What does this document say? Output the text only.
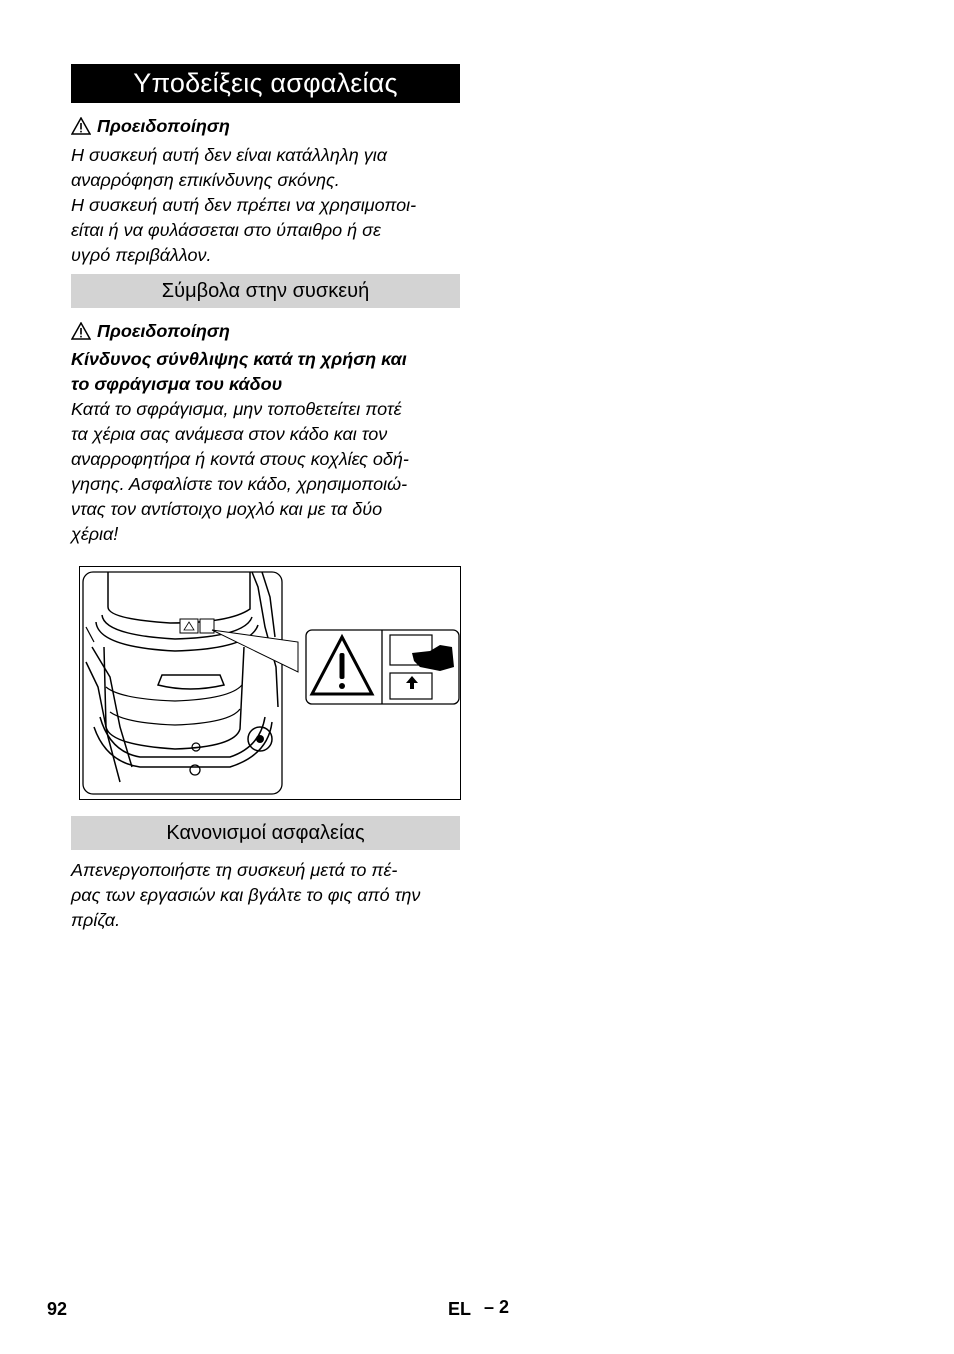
Υποδείξεις ασφαλείας
Προειδοποίηση
Η συσκευή αυτή δεν είναι κατάλληλη για
αναρρόφηση επικίνδυνης σκόνης.
Η συσκευή αυτή δεν πρέπει να χρησιμοποι-
είται ή να φυλάσσεται στο ύπαιθρο ή σε
υγρό περιβάλλον.
Σύμβολα στην συσκευή
Προειδοποίηση
Κίνδυνος σύνθλιψης κατά τη χρήση και
το σφράγισμα του κάδου
Κατά το σφράγισμα, μην τοποθετείτει ποτέ
τα χέρια σας ανάμεσα στον κάδο και τον
αναρροφητήρα ή κοντά στους κοχλίες οδή-
γησης. Ασφαλίστε τον κάδο, χρησιμοποιώ-
ντας τον αντίστοιχο μοχλό και με τα δύο
χέρια!
Κανονισμοί ασφαλείας
Απενεργοποιήστε τη συσκευή μετά το πέ-
ρας των εργασιών και βγάλτε το φις από την
πρίζα.
92	EL – 2
